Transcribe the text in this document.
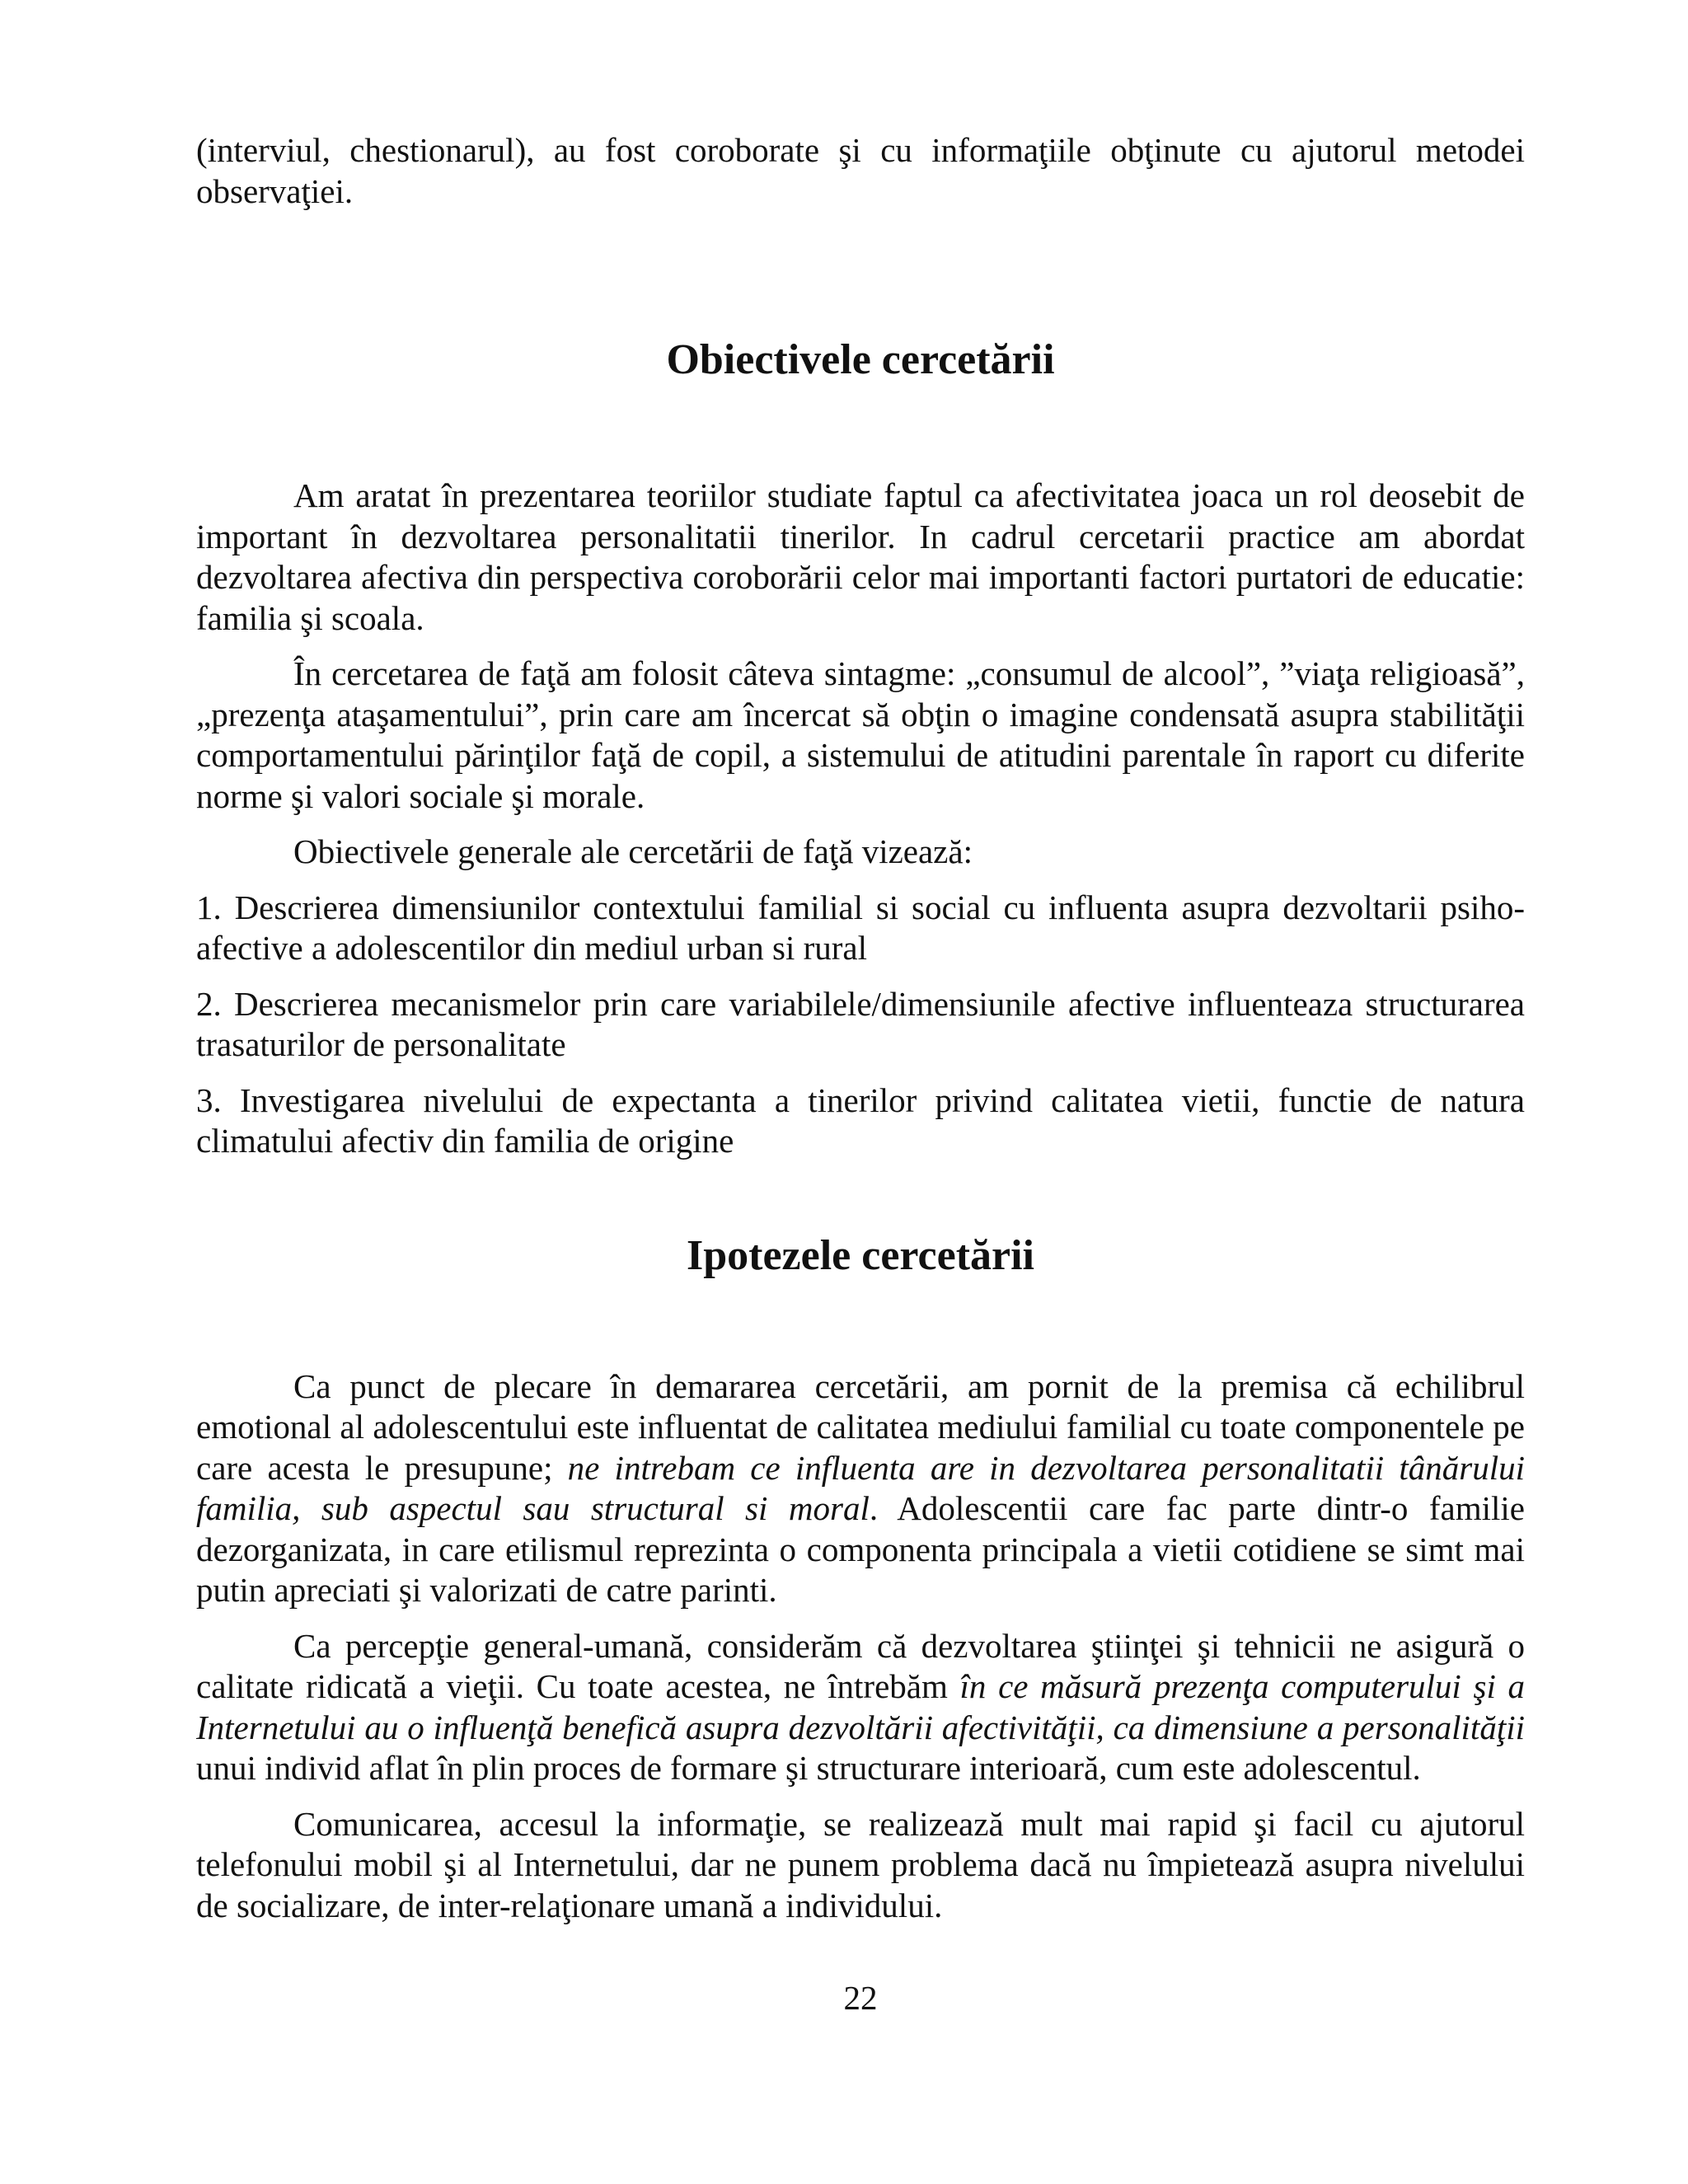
(interviul, chestionarul), au fost coroborate şi cu informaţiile obţinute cu ajutorul metodei observaţiei.

Obiectivele cercetării

Am aratat în prezentarea teoriilor studiate faptul ca afectivitatea joaca un rol deosebit de important în dezvoltarea personalitatii tinerilor. In cadrul cercetarii practice am abordat dezvoltarea afectiva din perspectiva coroborării celor mai importanti factori purtatori de educatie: familia şi scoala.

În cercetarea de faţă am folosit câteva sintagme: „consumul de alcool”, ”viaţa religioasă”, „prezenţa ataşamentului”, prin care am încercat să obţin o imagine condensată asupra stabilităţii comportamentului părinţilor faţă de copil, a sistemului de atitudini parentale în raport cu diferite norme şi valori sociale şi morale.

Obiectivele generale ale cercetării de faţă vizează:

1. Descrierea dimensiunilor contextului familial si social cu influenta asupra dezvoltarii psiho-afective a adolescentilor din mediul urban si rural

2. Descrierea mecanismelor prin care variabilele/dimensiunile afective influenteaza structurarea trasaturilor de personalitate

3. Investigarea nivelului de expectanta a tinerilor privind calitatea vietii, functie de natura climatului afectiv din familia de origine

Ipotezele cercetării

Ca punct de plecare în demararea cercetării, am pornit de la premisa că echilibrul emotional al adolescentului este influentat de calitatea mediului familial cu toate componentele pe care acesta le presupune; ne intrebam ce influenta are in dezvoltarea personalitatii tânărului familia, sub aspectul sau structural si moral. Adolescentii care fac parte dintr-o familie dezorganizata, in care etilismul reprezinta o componenta principala a vietii cotidiene se simt mai putin apreciati şi valorizati de catre parinti.

Ca percepţie general-umană, considerăm că dezvoltarea ştiinţei şi tehnicii ne asigură o calitate ridicată a vieţii. Cu toate acestea, ne întrebăm în ce măsură prezenţa computerului şi a Internetului au o influenţă benefică asupra dezvoltării afectivităţii, ca dimensiune a personalităţii unui individ aflat în plin proces de formare şi structurare interioară, cum este adolescentul.

Comunicarea, accesul la informaţie, se realizează mult mai rapid şi facil cu ajutorul telefonului mobil şi al Internetului, dar ne punem problema dacă nu împietează asupra nivelului de socializare, de inter-relaţionare umană a individului.

22
